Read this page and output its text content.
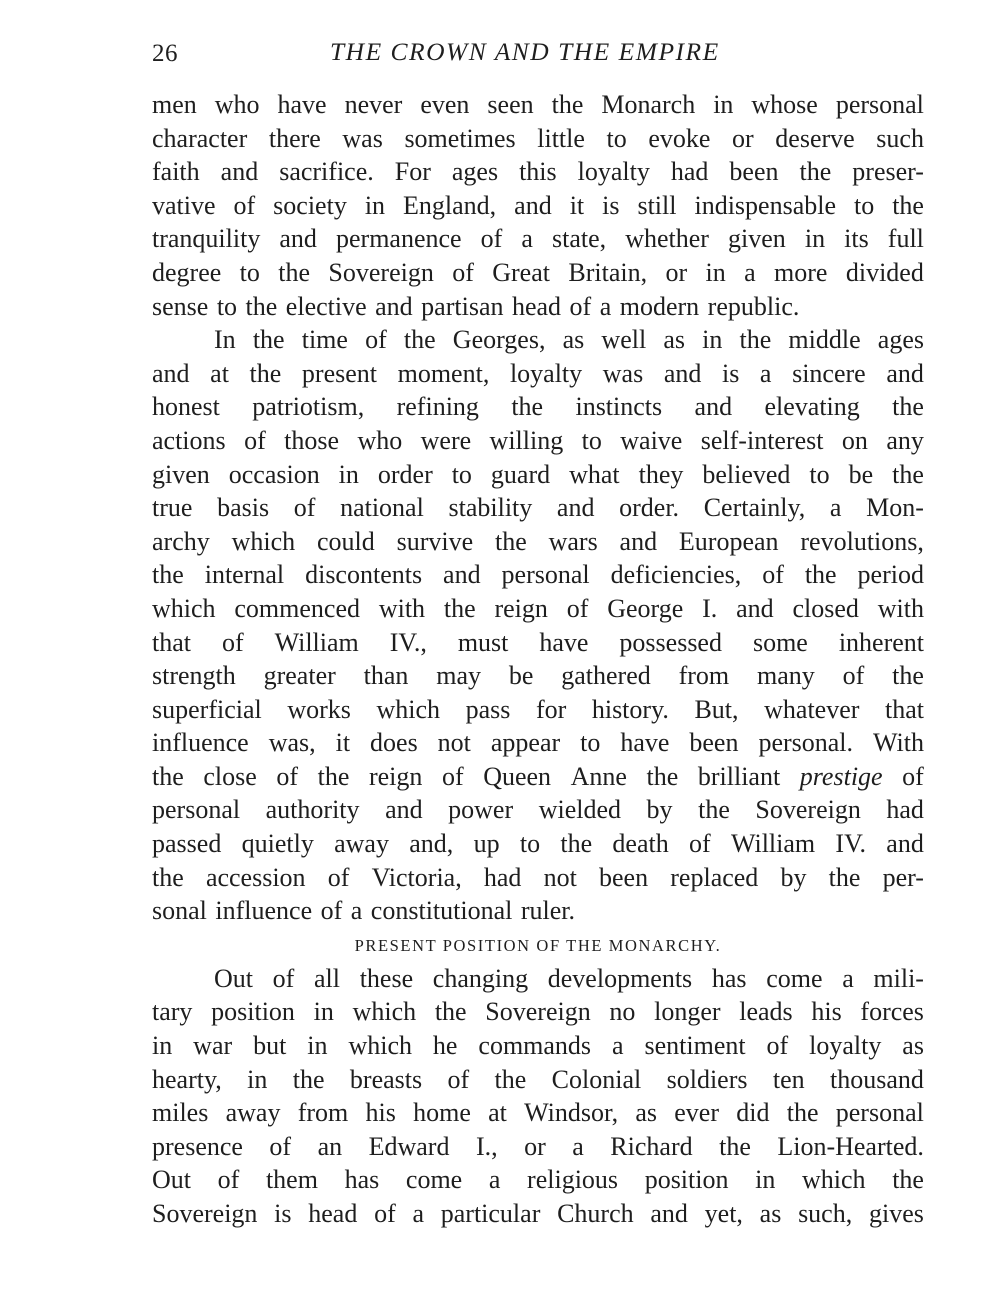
26	THE CROWN AND THE EMPIRE
men who have never even seen the Monarch in whose personal
character there was sometimes little to evoke or deserve such
faith and sacrifice. For ages this loyalty had been the preser-
vative of society in England, and it is still indispensable to the
tranquility and permanence of a state, whether given in its full
degree to the Sovereign of Great Britain, or in a more divided
sense to the elective and partisan head of a modern republic.
In the time of the Georges, as well as in the middle ages
and at the present moment, loyalty was and is a sincere and
honest patriotism, refining the instincts and elevating the
actions of those who were willing to waive self-interest on any
given occasion in order to guard what they believed to be the
true basis of national stability and order. Certainly, a Mon-
archy which could survive the wars and European revolutions,
the internal discontents and personal deficiencies, of the period
which commenced with the reign of George I. and closed with
that of William IV., must have possessed some inherent
strength greater than may be gathered from many of the
superficial works which pass for history. But, whatever that
influence was, it does not appear to have been personal. With
the close of the reign of Queen Anne the brilliant prestige of
personal authority and power wielded by the Sovereign had
passed quietly away and, up to the death of William IV. and
the accession of Victoria, had not been replaced by the per-
sonal influence of a constitutional ruler.
PRESENT POSITION OF THE MONARCHY.
Out of all these changing developments has come a mili-
tary position in which the Sovereign no longer leads his forces
in war but in which he commands a sentiment of loyalty as
hearty, in the breasts of the Colonial soldiers ten thousand
miles away from his home at Windsor, as ever did the personal
presence of an Edward I., or a Richard the Lion-Hearted.
Out of them has come a religious position in which the
Sovereign is head of a particular Church and yet, as such, gives
